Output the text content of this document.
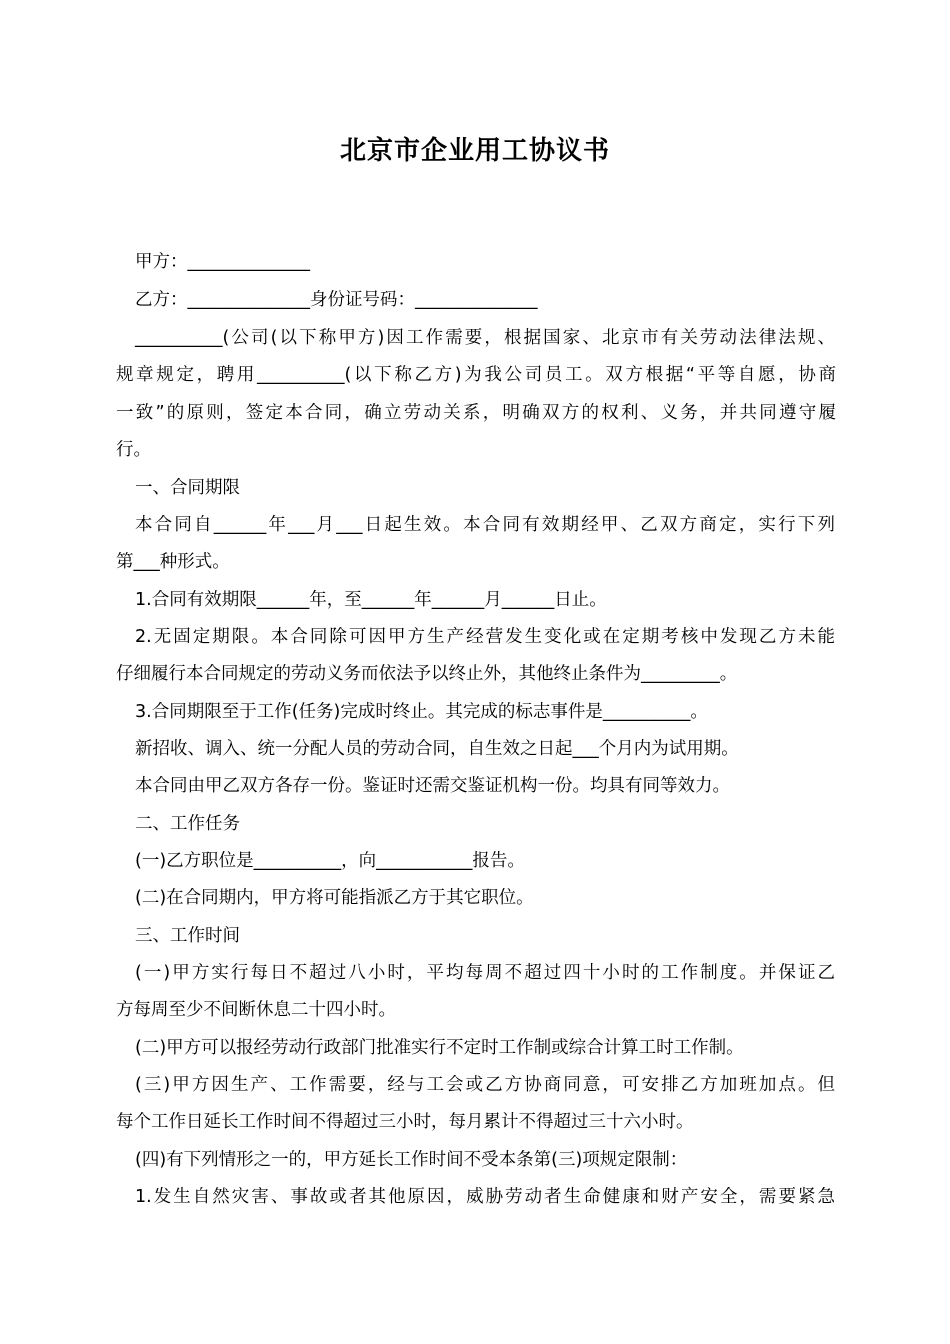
北京市企业用工协议书
甲方：______________
乙方：______________身份证号码：______________
__________(公司(以下称甲方)因工作需要，根据国家、北京市有关劳动法律法规、
规章规定，聘用__________(以下称乙方)为我公司员工。双方根据“平等自愿，协商
一致”的原则，签定本合同，确立劳动关系，明确双方的权利、义务，并共同遵守履
行。
一、合同期限
本合同自______年___月___日起生效。本合同有效期经甲、乙双方商定，实行下列
第___种形式。
1.合同有效期限______年，至______年______月______日止。
2.无固定期限。本合同除可因甲方生产经营发生变化或在定期考核中发现乙方未能
仔细履行本合同规定的劳动义务而依法予以终止外，其他终止条件为_________。
3.合同期限至于工作(任务)完成时终止。其完成的标志事件是__________。
新招收、调入、统一分配人员的劳动合同，自生效之日起___个月内为试用期。
本合同由甲乙双方各存一份。鉴证时还需交鉴证机构一份。均具有同等效力。
二、工作任务
(一)乙方职位是__________，向___________报告。
(二)在合同期内，甲方将可能指派乙方于其它职位。
三、工作时间
(一)甲方实行每日不超过八小时，平均每周不超过四十小时的工作制度。并保证乙
方每周至少不间断休息二十四小时。
(二)甲方可以报经劳动行政部门批准实行不定时工作制或综合计算工时工作制。
(三)甲方因生产、工作需要，经与工会或乙方协商同意，可安排乙方加班加点。但
每个工作日延长工作时间不得超过三小时，每月累计不得超过三十六小时。
(四)有下列情形之一的，甲方延长工作时间不受本条第(三)项规定限制：
1.发生自然灾害、事故或者其他原因，威胁劳动者生命健康和财产安全，需要紧急
